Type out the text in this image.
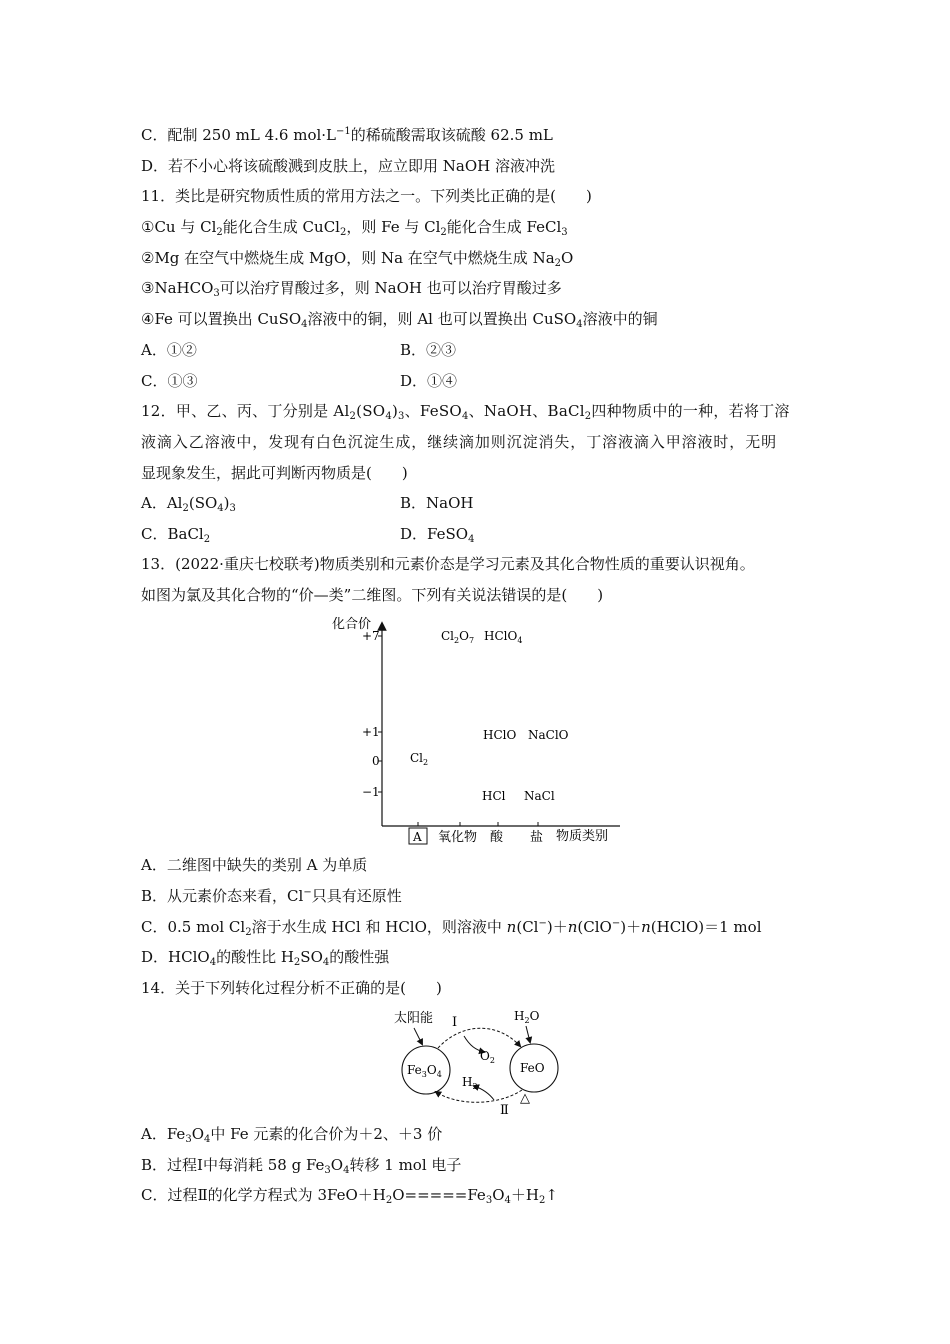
C．配制 250 mL 4.6 $mol\cdot L^{-1}$的稀硫酸需取该硫酸 62.5 mL
D．若不小心将该硫酸溅到皮肤上，应立即用 NaOH 溶液冲洗
11．类比是研究物质性质的常用方法之一。下列类比正确的是(　　)
①Cu 与 $Cl_2$能化合生成 CuCl$_2$，则 Fe 与 $Cl_2$能化合生成 FeCl$_3$
②Mg 在空气中燃烧生成 MgO，则 Na 在空气中燃烧生成 $Na_2O$
③NaHCO$_3$可以治疗胃酸过多，则 NaOH 也可以治疗胃酸过多
④Fe 可以置换出 CuSO$_4$溶液中的铜，则 Al 也可以置换出 CuSO$_4$溶液中的铜
A．①②	B．②③
C．①③	D．①④
12．甲、乙、丙、丁分别是 $Al_2(SO_4)_3$、FeSO$_4$、NaOH、BaCl$_2$四种物质中的一种，若将丁溶
液滴入乙溶液中，发现有白色沉淀生成，继续滴加则沉淀消失，丁溶液滴入甲溶液时，无明
显现象发生，据此可判断丙物质是(　　)
A．$Al_2(SO_4)_3$	B．NaOH
C．BaCl$_2$	D．FeSO$_4$
13．(2022·重庆七校联考)物质类别和元素价态是学习元素及其化合物性质的重要认识视角。
如图为氯及其化合物的“价—类”二维图。下列有关说法错误的是(　　)
化合价
物质类别
+7
+1
0
−1
A 氧化物 酸 盐
$Cl_2$
$Cl_2O_7$ HClO$_4$
HClO NaClO
HCl NaCl
A．二维图中缺失的类别 A 为单质
B．从元素价态来看，Cl−只具有还原性
C．0.5 mol $Cl_2$溶于水生成 HCl 和 HClO，则溶液中 n(Cl−)＋n(ClO−)＋n(HClO)＝1 mol
D．HClO$_4$的酸性比 $H_2SO_4$的酸性强
14．关于下列转化过程分析不正确的是(　　)
$Fe_3O_4$	FeO
太阳能 Ⅰ
$O_2$
$H_2O$
$H_2$
Ⅱ
△
A．$Fe_3O_4$中 Fe 元素的化合价为＋2、＋3 价
B．过程Ⅰ中每消耗 58 g $Fe_3O_4$转移 1 mol 电子
C．过程Ⅱ的化学方程式为 $3FeO+H_2O=====Fe_3O_4+H_2↑$
